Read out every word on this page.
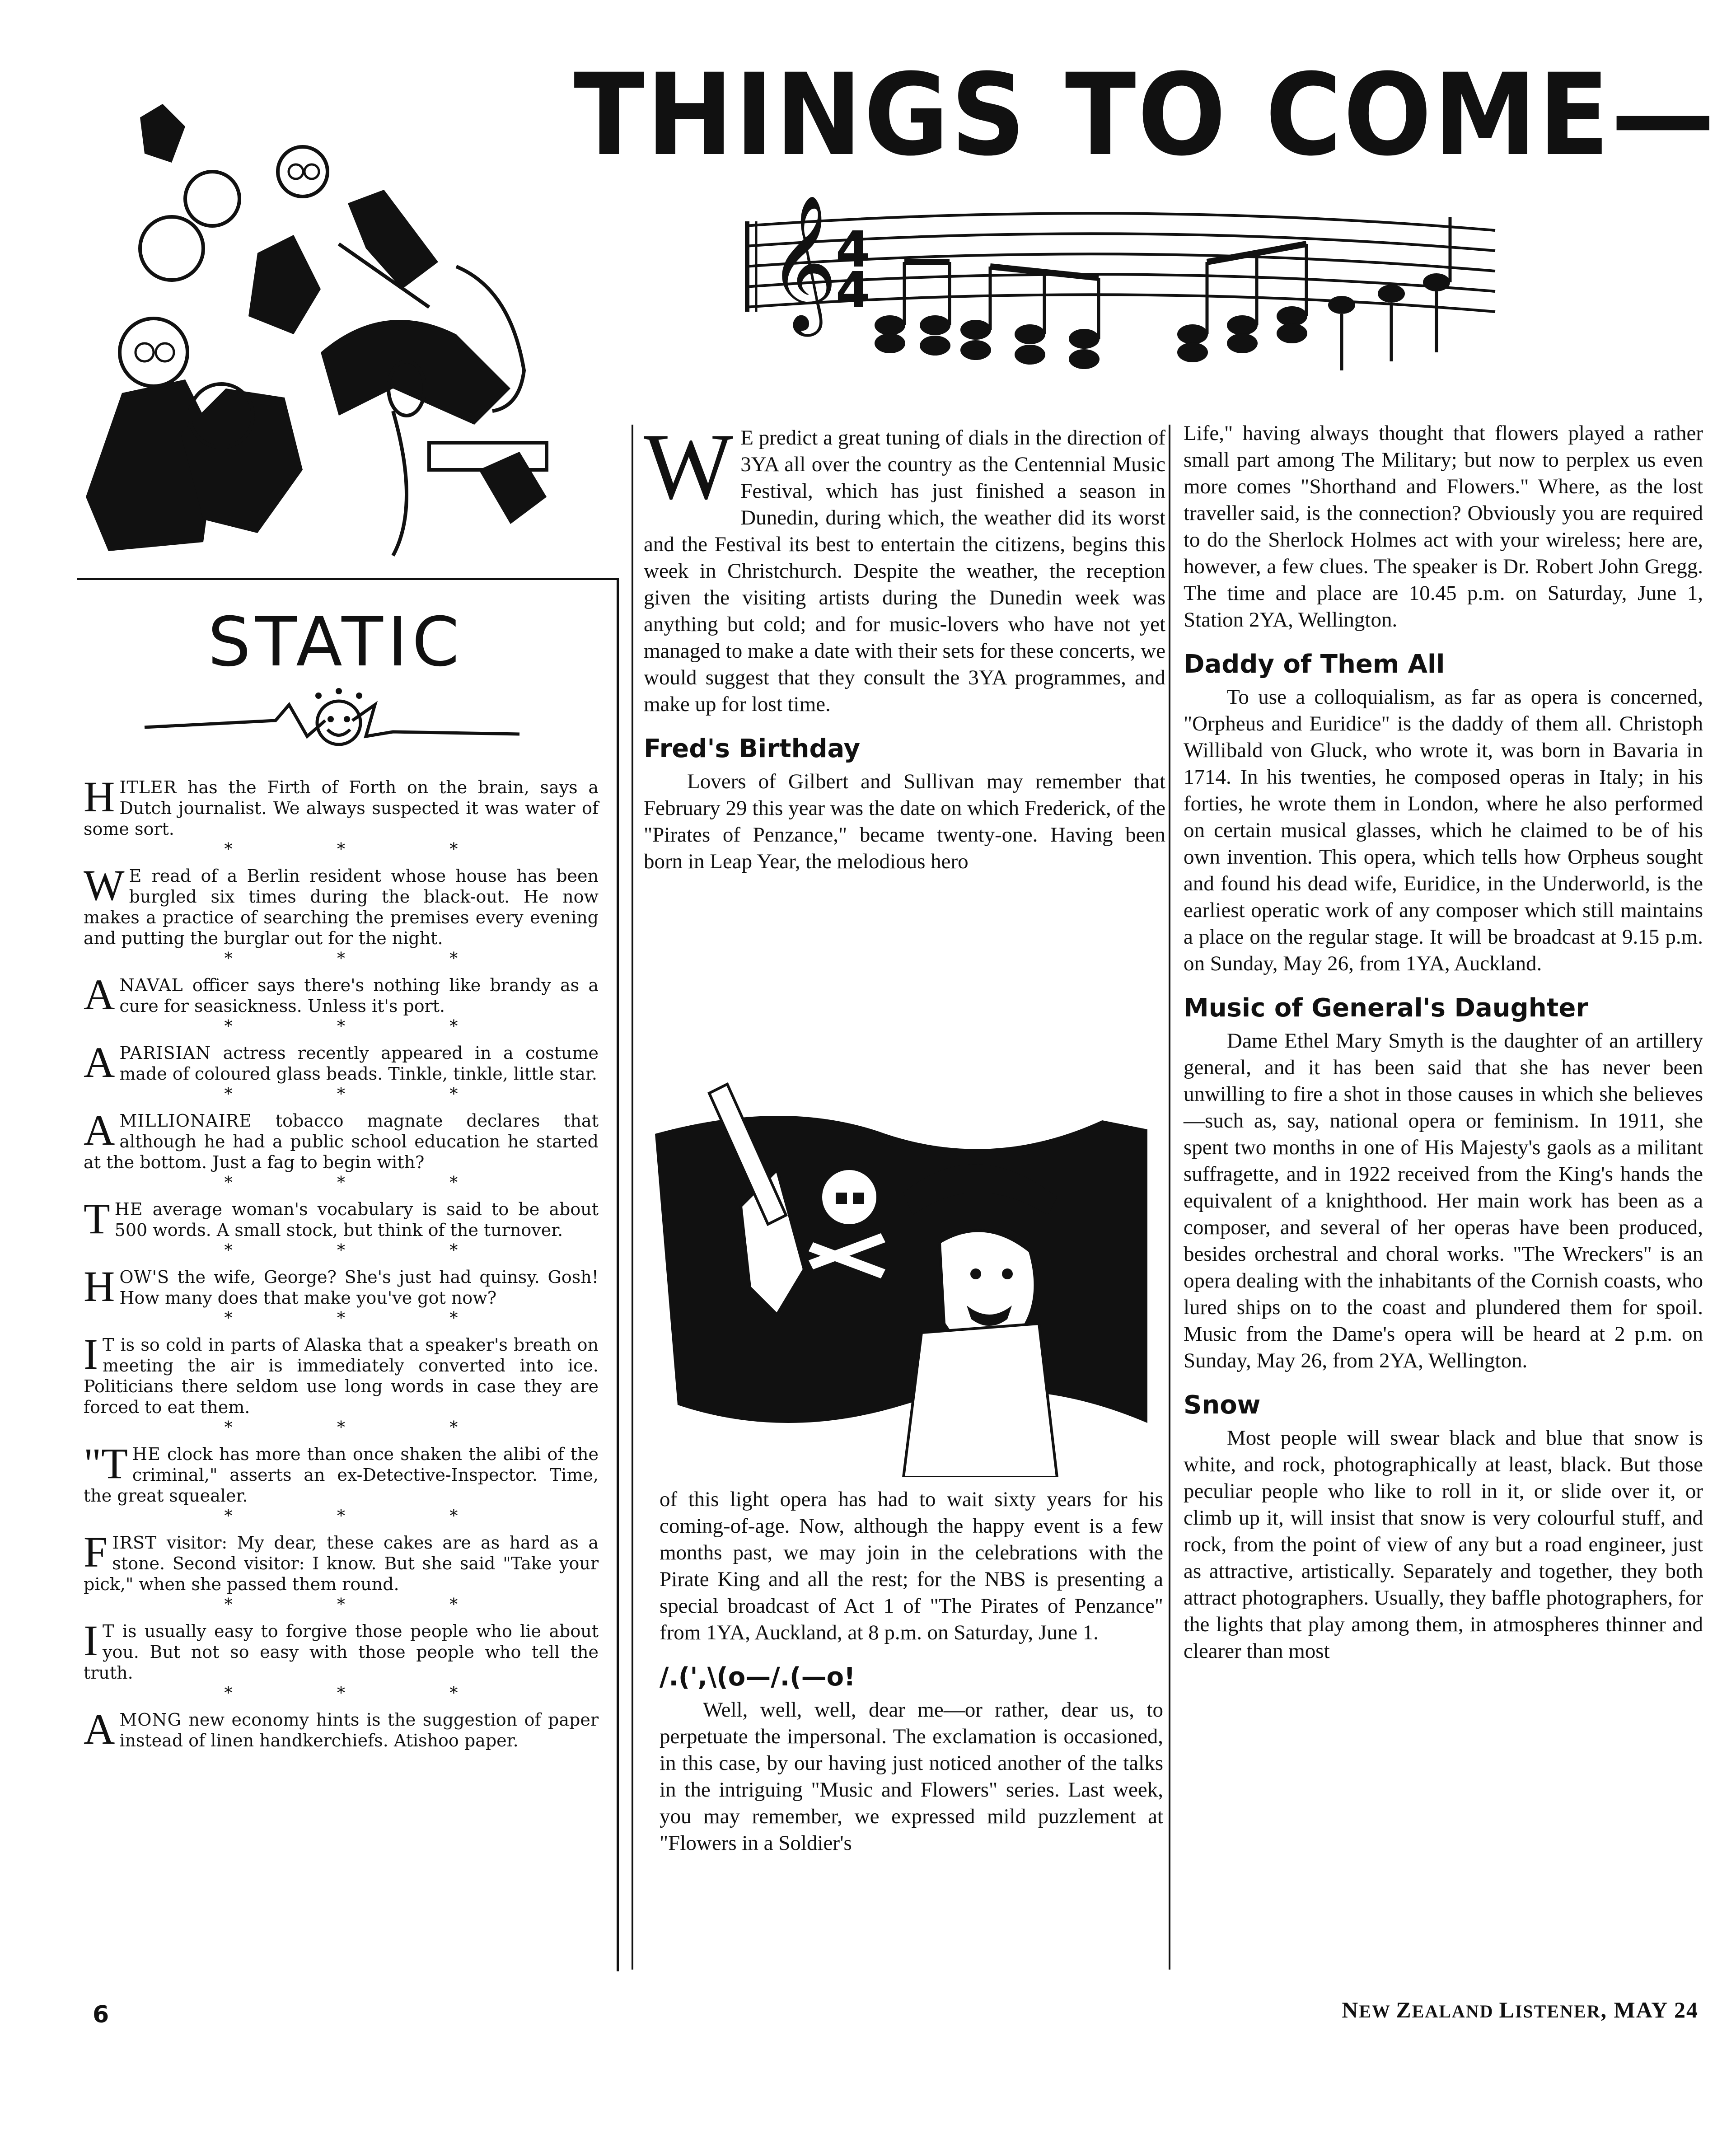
THINGS TO COME—
𝄞
4
4
STATIC

HITLER has the Firth of Forth on the brain, says a Dutch journalist. We always suspected it was water of some sort.

* * *

W E read of a Berlin resident whose house has been burgled six times during the black-out. He now makes a practice of searching the premises every evening and putting the burglar out for the night.

* * *

A NAVAL officer says there's nothing like brandy as a cure for seasickness. Unless it's port.

* * *

A PARISIAN actress recently appeared in a costume made of coloured glass beads. Tinkle, tinkle, little star.

* * *

A MILLIONAIRE tobacco magnate declares that although he had a public school education he started at the bottom. Just a fag to begin with?

* * *

THE average woman's vocabulary is said to be about 500 words. A small stock, but think of the turnover.

* * *

HOW'S the wife, George? She's just had quinsy. Gosh! How many does that make you've got now?

* * *

I T is so cold in parts of Alaska that a speaker's breath on meeting the air is immediately converted into ice. Politicians there seldom use long words in case they are forced to eat them.

* * *

"THE clock has more than once shaken the alibi of the criminal," asserts an ex-Detective-Inspector. Time, the great squealer.

* * *

FIRST visitor: My dear, these cakes are as hard as a stone. Second visitor: I know. But she said "Take your pick," when she passed them round.

* * *

I T is usually easy to forgive those people who lie about you. But not so easy with those people who tell the truth.

* * *

AMONG new economy hints is the suggestion of paper instead of linen handkerchiefs. Atishoo paper.

W E predict a great tuning of dials in the direction of 3YA all over the country as the Centennial Music Festival, which has just finished a season in Dunedin, during which, the weather did its worst and the Festival its best to entertain the citizens, begins this week in Christchurch. Despite the weather, the reception given the visiting artists during the Dunedin week was anything but cold; and for music-lovers who have not yet managed to make a date with their sets for these concerts, we would suggest that they consult the 3YA programmes, and make up for lost time.

Fred's Birthday

Lovers of Gilbert and Sullivan may remember that February 29 this year was the date on which Frederick, of the "Pirates of Penzance," became twenty-one. Having been born in Leap Year, the melodious hero

of this light opera has had to wait sixty years for his coming-of-age. Now, although the happy event is a few months past, we may join in the celebrations with the Pirate King and all the rest; for the NBS is presenting a special broadcast of Act 1 of "The Pirates of Penzance" from 1YA, Auckland, at 8 p.m. on Saturday, June 1.

/.(',\(o—/.(—o!

Well, well, well, dear me—or rather, dear us, to perpetuate the impersonal. The exclamation is occasioned, in this case, by our having just noticed another of the talks in the intriguing "Music and Flowers" series. Last week, you may remember, we expressed mild puzzlement at "Flowers in a Soldier's

Life," having always thought that flowers played a rather small part among The Military; but now to perplex us even more comes "Shorthand and Flowers." Where, as the lost traveller said, is the connection? Obviously you are required to do the Sherlock Holmes act with your wireless; here are, however, a few clues. The speaker is Dr. Robert John Gregg. The time and place are 10.45 p.m. on Saturday, June 1, Station 2YA, Wellington.

Daddy of Them All

To use a colloquialism, as far as opera is concerned, "Orpheus and Euridice" is the daddy of them all. Christoph Willibald von Gluck, who wrote it, was born in Bavaria in 1714. In his twenties, he composed operas in Italy; in his forties, he wrote them in London, where he also performed on certain musical glasses, which he claimed to be of his own invention. This opera, which tells how Orpheus sought and found his dead wife, Euridice, in the Underworld, is the earliest operatic work of any composer which still maintains a place on the regular stage. It will be broadcast at 9.15 p.m. on Sunday, May 26, from 1YA, Auckland.

Music of General's Daughter

Dame Ethel Mary Smyth is the daughter of an artillery general, and it has been said that she has never been unwilling to fire a shot in those causes in which she believes—such as, say, national opera or feminism. In 1911, she spent two months in one of His Majesty's gaols as a militant suffragette, and in 1922 received from the King's hands the equivalent of a knighthood. Her main work has been as a composer, and several of her operas have been produced, besides orchestral and choral works. "The Wreckers" is an opera dealing with the inhabitants of the Cornish coasts, who lured ships on to the coast and plundered them for spoil. Music from the Dame's opera will be heard at 2 p.m. on Sunday, May 26, from 2YA, Wellington.

Snow

Most people will swear black and blue that snow is white, and rock, photographically at least, black. But those peculiar people who like to roll in it, or slide over it, or climb up it, will insist that snow is very colourful stuff, and rock, from the point of view of any but a road engineer, just as attractive, artistically. Separately and together, they both attract photographers. Usually, they baffle photographers, for the lights that play among them, in atmospheres thinner and clearer than most

6	NEW ZEALAND LISTENER, MAY 24
